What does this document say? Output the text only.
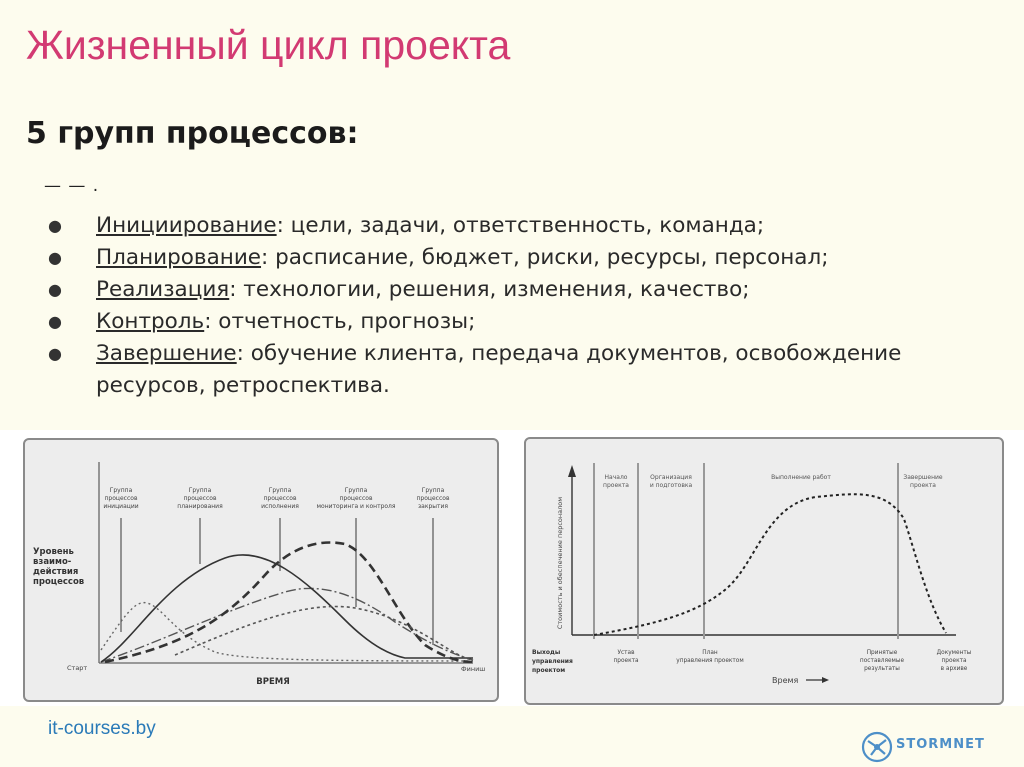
Жизненный цикл проекта
5 групп процессов:
— — .
● Инициирование: цели, задачи, ответственность, команда;
● Планирование: расписание, бюджет, риски, ресурсы, персонал;
● Реализация: технологии, решения, изменения, качество;
● Контроль: отчетность, прогнозы;
● Завершение: обучение клиента, передача документов, освобождение ресурсов, ретроспектива.
Группа
процессов
инициации
Группа
процессов
планирования
Группа
процессов
исполнения
Группа
процессов
мониторинга и контроля
Группа
процессов
закрытия
Уровень
взаимо-
действия
процессов
Старт	Финиш
ВРЕМЯ
Начало
проекта
Организация
и подготовка
Выполнение работ	Завершение
проекта
Стоимость и обеспечение персоналом
Выходы
управления
проектом
Устав
проекта
План
управления проектом
Принятые
поставляемые
результаты
Документы
проекта
в архиве
Время
it-courses.by
STORMNET
